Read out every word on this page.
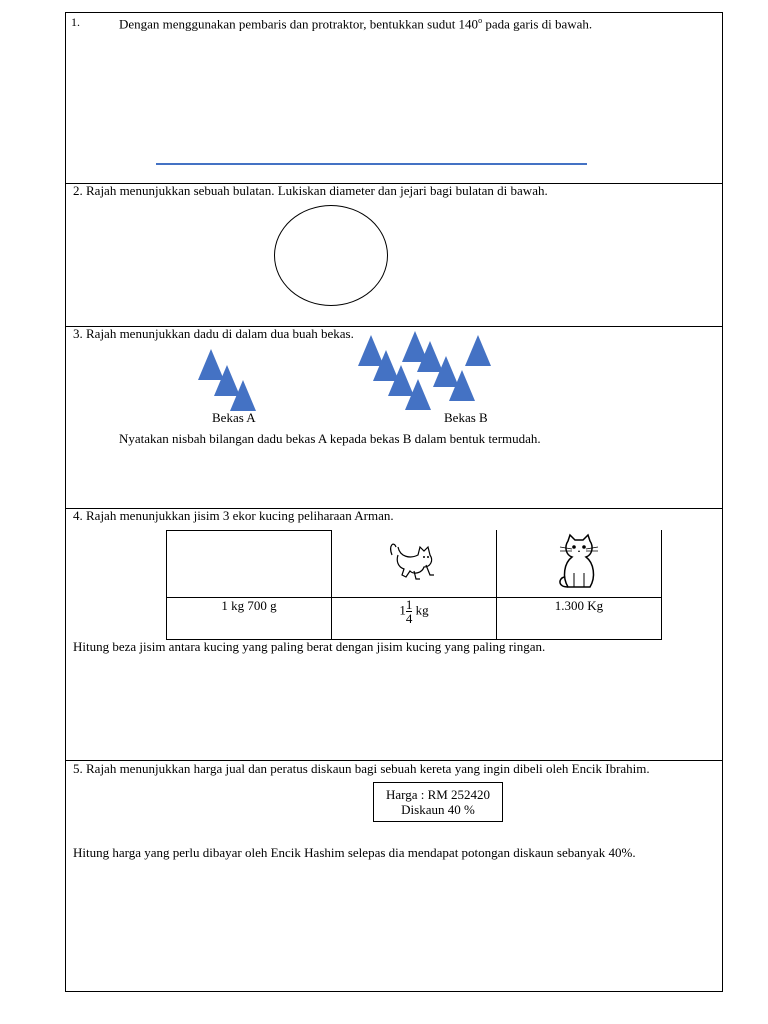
1.	Dengan menggunakan pembaris dan protraktor, bentukkan sudut 140$^o$ pada garis di bawah.
2. Rajah menunjukkan sebuah bulatan. Lukiskan diameter dan jejari bagi bulatan di bawah.
3. Rajah menunjukkan dadu di dalam dua buah bekas.
Bekas A	Bekas B
Nyatakan nisbah bilangan dadu bekas A kepada bekas B dalam bentuk termudah.
4. Rajah menunjukkan jisim 3 ekor kucing peliharaan Arman.

1 kg 700 g	$1 \frac{1}{4}$ kg	1.300 Kg
Hitung beza jisim antara kucing yang paling berat dengan jisim kucing yang paling ringan.
5. Rajah menunjukkan harga jual dan peratus diskaun bagi sebuah kereta yang ingin dibeli oleh Encik Ibrahim.
Harga : RM 252420
Diskaun 40 %
Hitung harga yang perlu dibayar oleh Encik Hashim selepas dia mendapat potongan diskaun sebanyak 40%.
